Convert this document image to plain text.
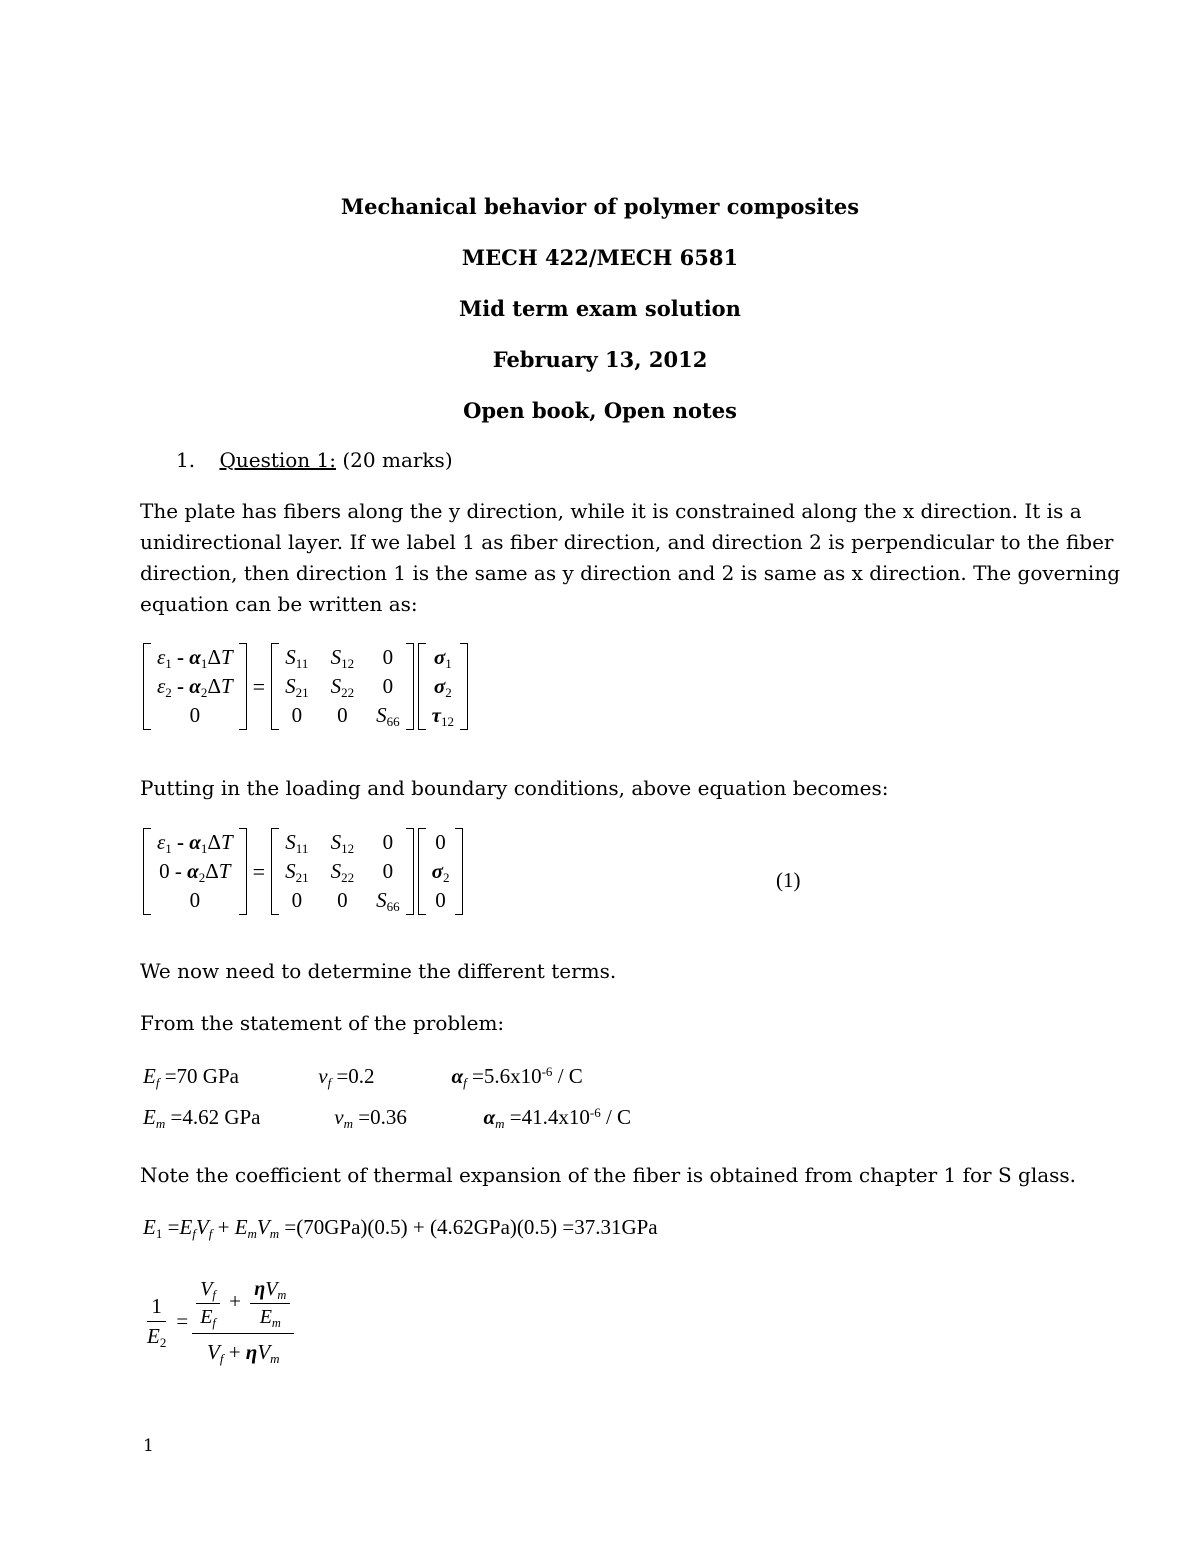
Mechanical behavior of polymer composites
MECH 422/MECH 6581
Mid term exam solution
February 13, 2012
Open book, Open notes
1. Question 1: (20 marks)
The plate has fibers along the y direction, while it is constrained along the x direction. It is a
unidirectional layer. If we label 1 as fiber direction, and direction 2 is perpendicular to the fiber
direction, then direction 1 is the same as y direction and 2 is same as x direction. The governing
equation can be written as:
$\varepsilon_1 - \alpha_1\Delta T$
$\varepsilon_2 - \alpha_2\Delta T$
0
=
$S_{11}$ $S_{12}$ 0
$S_{21}$ $S_{22}$ 0
0 0 $S_{66}$
$\sigma_1$
$\sigma_2$
$\tau_{12}$
Putting in the loading and boundary conditions, above equation becomes:
$\varepsilon_1 - \alpha_1\Delta T$
$0 - \alpha_2\Delta T$
0
=
$S_{11}$ $S_{12}$ 0
$S_{21}$ $S_{22}$ 0
0 0 $S_{66}$
0
$\sigma_2$
0
(1)
We now need to determine the different terms.
From the statement of the problem:
$E_f =70$ GPa	$\nu_f =0.2$	$\alpha_f =5.6x10^{-6} / C$
$E_m =4.62$ GPa	$\nu_m =0.36$	$\alpha_m =41.4x10^{-6} / C$
Note the coefficient of thermal expansion of the fiber is obtained from chapter 1 for S glass.
$E_1 =E_fV_f + E_mV_m =(70GPa)(0.5) + (4.62GPa)(0.5) =37.31GPa$
$\frac{1}{E_2} = \frac{\frac{V_f}{E_f} + \frac{\eta V_m}{E_m}}{V_f + \eta V_m}$
1
